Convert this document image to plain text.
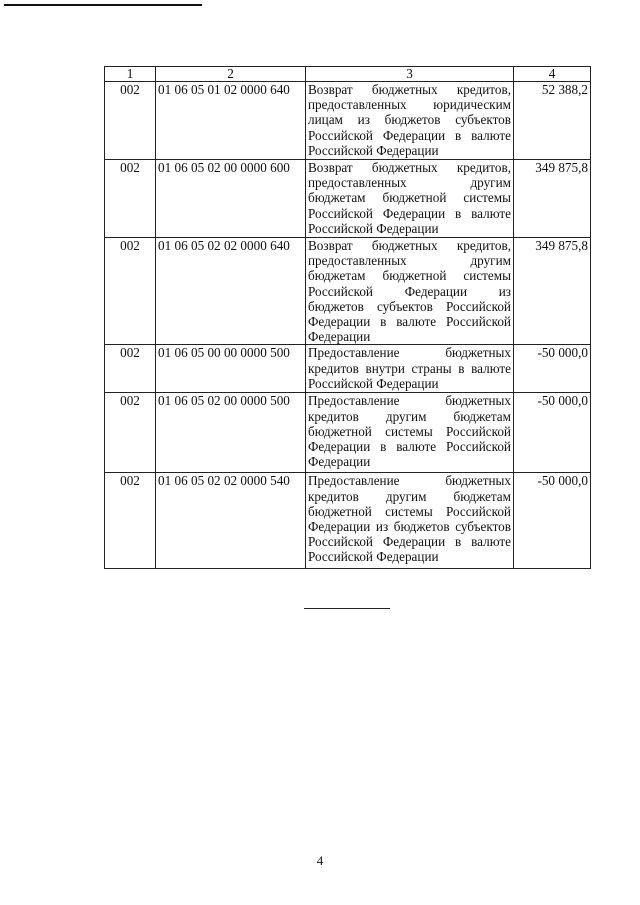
1	2	3	4
002	01 06 05 01 02 0000 640	Возврат бюджетных кредитов, предоставленных юридическим лицам из бюджетов субъектов Российской Федерации в валюте Российской Федерации	52 388,2
002	01 06 05 02 00 0000 600	Возврат бюджетных кредитов, предоставленных другим бюджетам бюджетной системы Российской Федерации в валюте Российской Федерации	349 875,8
002	01 06 05 02 02 0000 640	Возврат бюджетных кредитов, предоставленных другим бюджетам бюджетной системы Российской Федерации из бюджетов субъектов Российской Федерации в валюте Российской Федерации	349 875,8
002	01 06 05 00 00 0000 500	Предоставление бюджетных кредитов внутри страны в валюте Российской Федерации	-50 000,0
002	01 06 05 02 00 0000 500	Предоставление бюджетных кредитов другим бюджетам бюджетной системы Российской Федерации в валюте Российской Федерации	-50 000,0
002	01 06 05 02 02 0000 540	Предоставление бюджетных кредитов другим бюджетам бюджетной системы Российской Федерации из бюджетов субъектов Российской Федерации в валюте Российской Федерации	-50 000,0
4
